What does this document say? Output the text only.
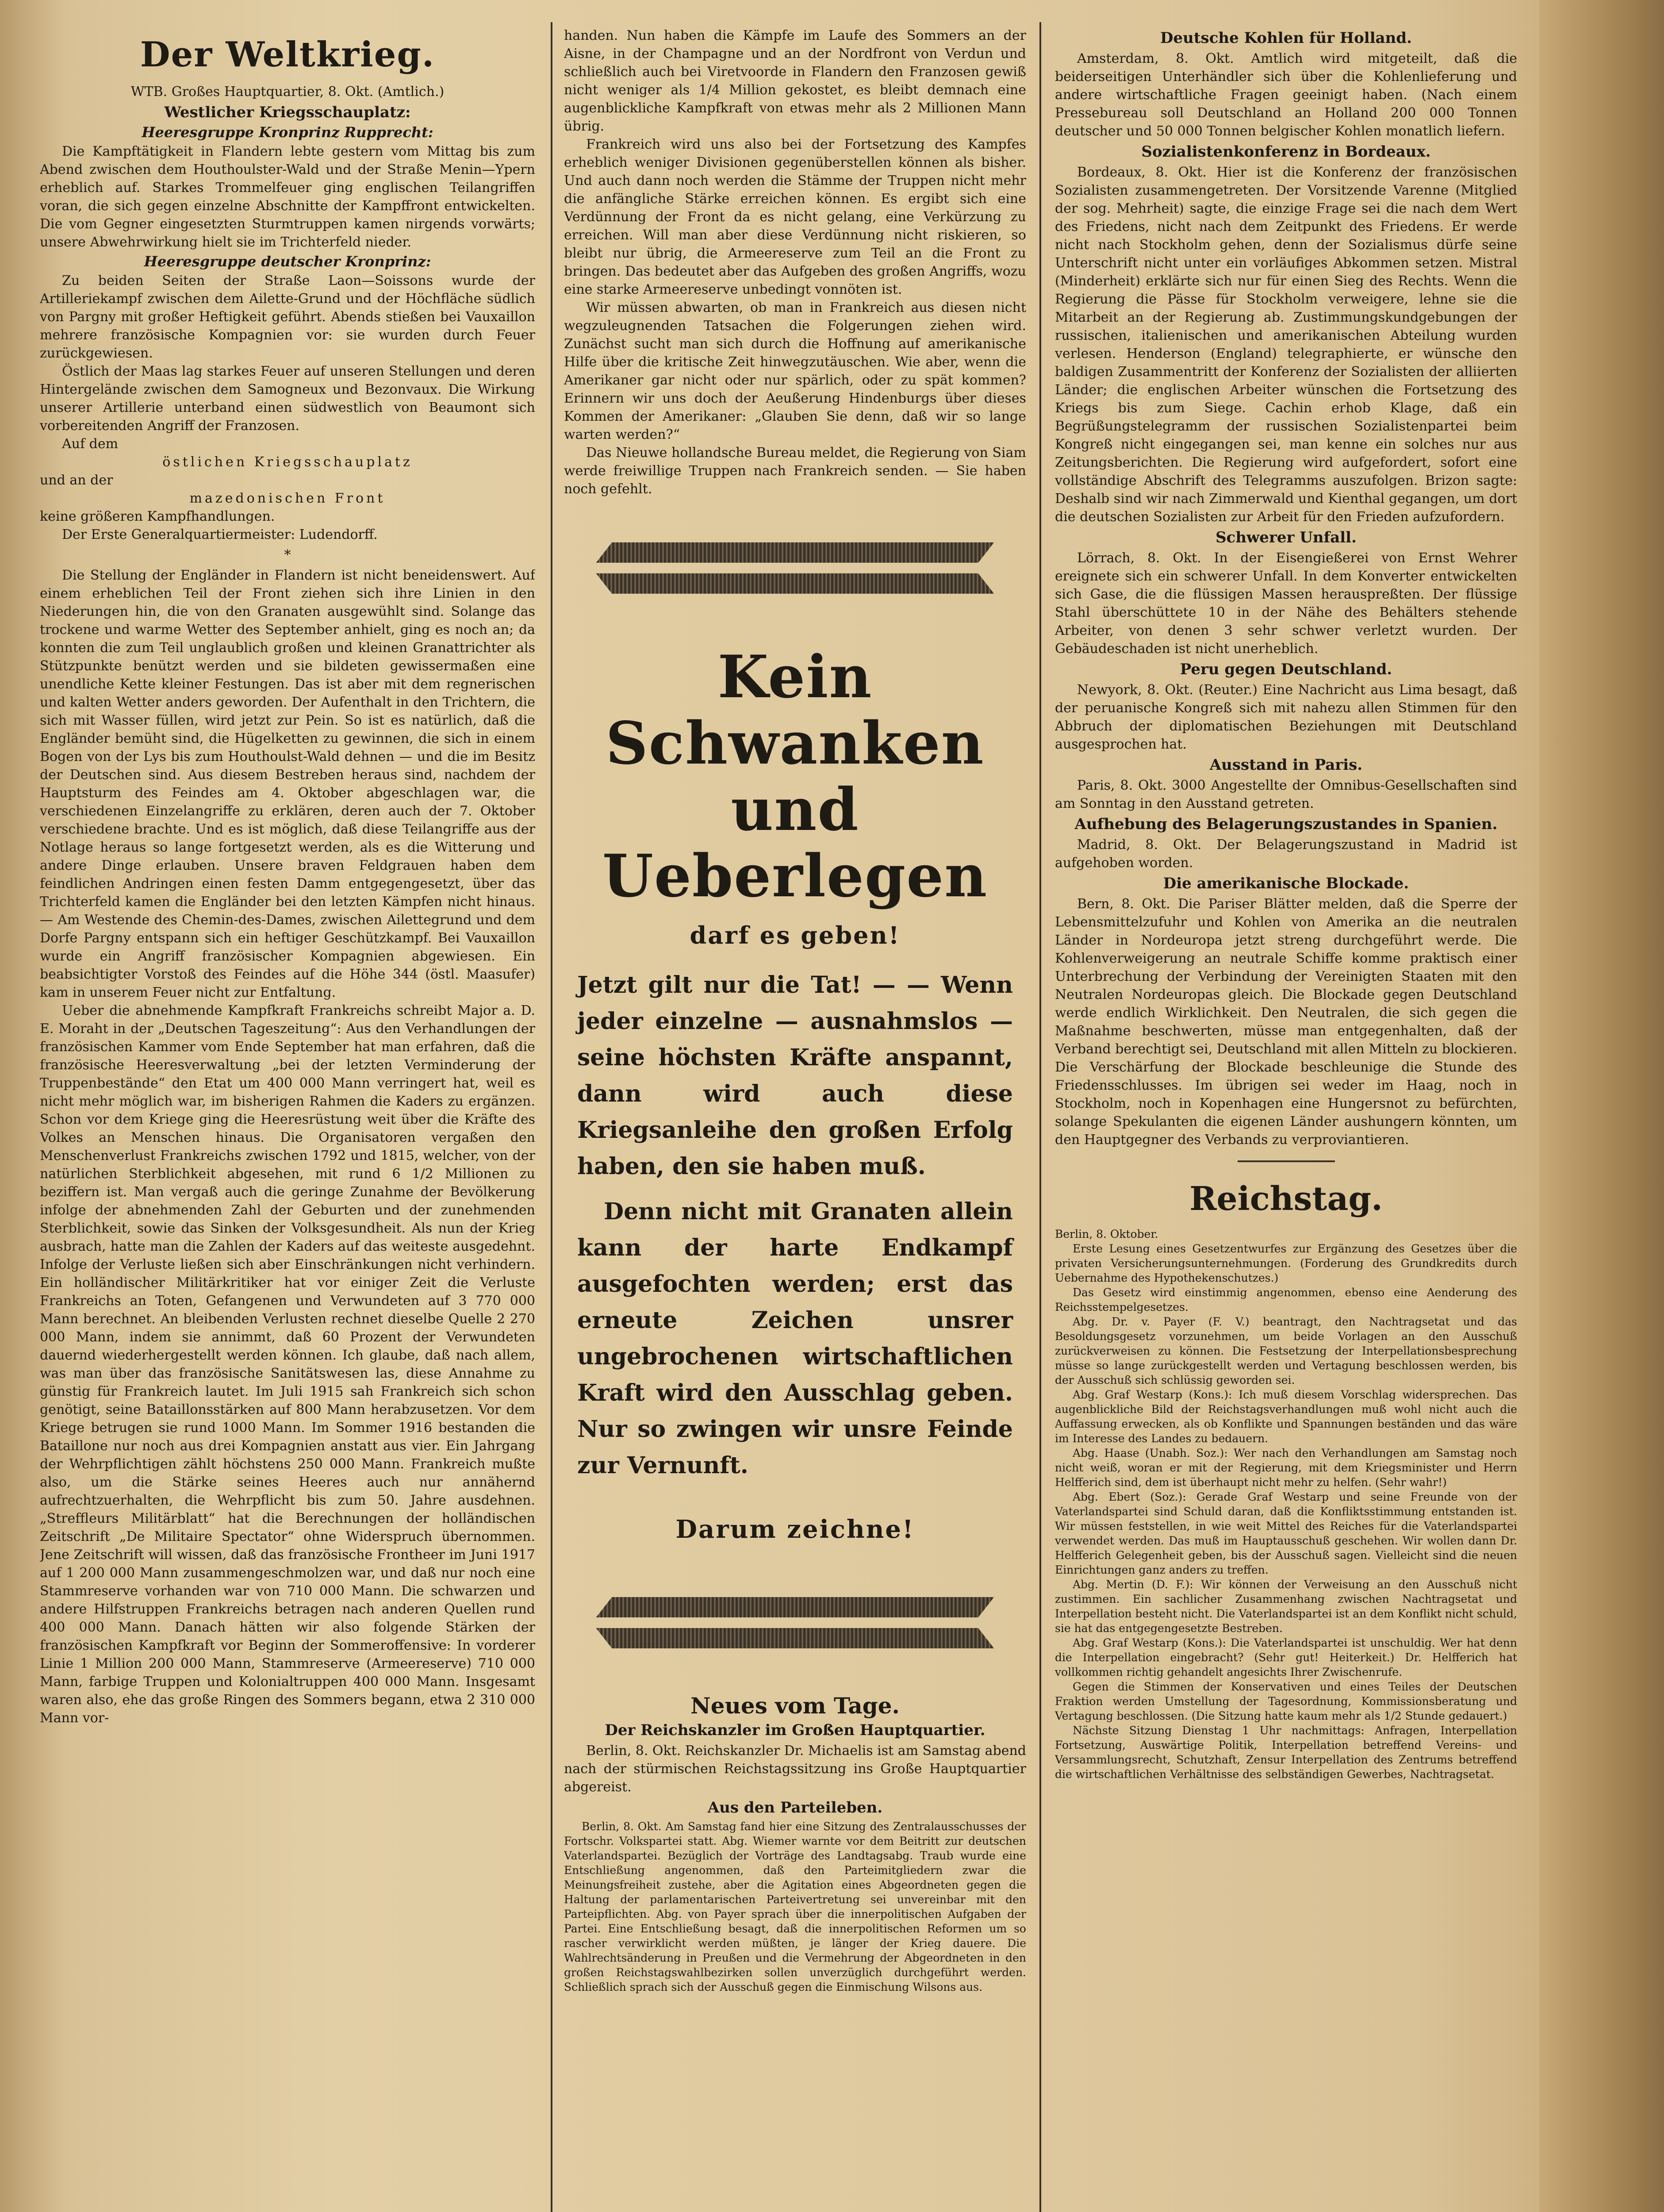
Der Weltkrieg.

WTB. Großes Hauptquartier, 8. Okt. (Amtlich.)

Westlicher Kriegsschauplatz:
Heeresgruppe Kronprinz Rupprecht:

Die Kampftätigkeit in Flandern lebte gestern vom Mittag bis zum Abend zwischen dem Houthoulster-Wald und der Straße Menin—Ypern erheblich auf. Starkes Trommelfeuer ging englischen Teilangriffen voran, die sich gegen einzelne Abschnitte der Kampffront entwickelten. Die vom Gegner eingesetzten Sturmtruppen kamen nirgends vorwärts; unsere Abwehrwirkung hielt sie im Trichterfeld nieder.

Heeresgruppe deutscher Kronprinz:

Zu beiden Seiten der Straße Laon—Soissons wurde der Artilleriekampf zwischen dem Ailette-Grund und der Höchfläche südlich von Pargny mit großer Heftigkeit geführt. Abends stießen bei Vauxaillon mehrere französische Kompagnien vor: sie wurden durch Feuer zurückgewiesen.

Östlich der Maas lag starkes Feuer auf unseren Stellungen und deren Hintergelände zwischen dem Samogneux und Bezonvaux. Die Wirkung unserer Artillerie unterband einen südwestlich von Beaumont sich vorbereitenden Angriff der Franzosen.

Auf dem

östlichen Kriegsschauplatz

und an der

mazedonischen Front

keine größeren Kampfhandlungen.

Der Erste Generalquartiermeister: Ludendorff.

*

Die Stellung der Engländer in Flandern ist nicht beneidenswert. Auf einem erheblichen Teil der Front ziehen sich ihre Linien in den Niederungen hin, die von den Granaten ausgewühlt sind. Solange das trockene und warme Wetter des September anhielt, ging es noch an; da konnten die zum Teil unglaublich großen und kleinen Granattrichter als Stützpunkte benützt werden und sie bildeten gewissermaßen eine unendliche Kette kleiner Festungen. Das ist aber mit dem regnerischen und kalten Wetter anders geworden. Der Aufenthalt in den Trichtern, die sich mit Wasser füllen, wird jetzt zur Pein. So ist es natürlich, daß die Engländer bemüht sind, die Hügelketten zu gewinnen, die sich in einem Bogen von der Lys bis zum Houthoulst-Wald dehnen — und die im Besitz der Deutschen sind. Aus diesem Bestreben heraus sind, nachdem der Hauptsturm des Feindes am 4. Oktober abgeschlagen war, die verschiedenen Einzelangriffe zu erklären, deren auch der 7. Oktober verschiedene brachte. Und es ist möglich, daß diese Teilangriffe aus der Notlage heraus so lange fortgesetzt werden, als es die Witterung und andere Dinge erlauben. Unsere braven Feldgrauen haben dem feindlichen Andringen einen festen Damm entgegengesetzt, über das Trichterfeld kamen die Engländer bei den letzten Kämpfen nicht hinaus. — Am Westende des Chemin-des-Dames, zwischen Ailettegrund und dem Dorfe Pargny entspann sich ein heftiger Geschützkampf. Bei Vauxaillon wurde ein Angriff französischer Kompagnien abgewiesen. Ein beabsichtigter Vorstoß des Feindes auf die Höhe 344 (östl. Maasufer) kam in unserem Feuer nicht zur Entfaltung.

Ueber die abnehmende Kampfkraft Frankreichs schreibt Major a. D. E. Moraht in der „Deutschen Tageszeitung“: Aus den Verhandlungen der französischen Kammer vom Ende September hat man erfahren, daß die französische Heeresverwaltung „bei der letzten Verminderung der Truppenbestände“ den Etat um 400 000 Mann verringert hat, weil es nicht mehr möglich war, im bisherigen Rahmen die Kaders zu ergänzen. Schon vor dem Kriege ging die Heeresrüstung weit über die Kräfte des Volkes an Menschen hinaus. Die Organisatoren vergaßen den Menschenverlust Frankreichs zwischen 1792 und 1815, welcher, von der natürlichen Sterblichkeit abgesehen, mit rund 6 1/2 Millionen zu beziffern ist. Man vergaß auch die geringe Zunahme der Bevölkerung infolge der abnehmenden Zahl der Geburten und der zunehmenden Sterblichkeit, sowie das Sinken der Volksgesundheit. Als nun der Krieg ausbrach, hatte man die Zahlen der Kaders auf das weiteste ausgedehnt. Infolge der Verluste ließen sich aber Einschränkungen nicht verhindern. Ein holländischer Militärkritiker hat vor einiger Zeit die Verluste Frankreichs an Toten, Gefangenen und Verwundeten auf 3 770 000 Mann berechnet. An bleibenden Verlusten rechnet dieselbe Quelle 2 270 000 Mann, indem sie annimmt, daß 60 Prozent der Verwundeten dauernd wiederhergestellt werden können. Ich glaube, daß nach allem, was man über das französische Sanitätswesen las, diese Annahme zu günstig für Frankreich lautet. Im Juli 1915 sah Frankreich sich schon genötigt, seine Bataillonsstärken auf 800 Mann herabzusetzen. Vor dem Kriege betrugen sie rund 1000 Mann. Im Sommer 1916 bestanden die Bataillone nur noch aus drei Kompagnien anstatt aus vier. Ein Jahrgang der Wehrpflichtigen zählt höchstens 250 000 Mann. Frankreich mußte also, um die Stärke seines Heeres auch nur annähernd aufrechtzuerhalten, die Wehrpflicht bis zum 50. Jahre ausdehnen. „Streffleurs Militärblatt“ hat die Berechnungen der holländischen Zeitschrift „De Militaire Spectator“ ohne Widerspruch übernommen. Jene Zeitschrift will wissen, daß das französische Frontheer im Juni 1917 auf 1 200 000 Mann zusammengeschmolzen war, und daß nur noch eine Stammreserve vorhanden war von 710 000 Mann. Die schwarzen und andere Hilfstruppen Frankreichs betragen nach anderen Quellen rund 400 000 Mann. Danach hätten wir also folgende Stärken der französischen Kampfkraft vor Beginn der Sommeroffensive: In vorderer Linie 1 Million 200 000 Mann, Stammreserve (Armeereserve) 710 000 Mann, farbige Truppen und Kolonialtruppen 400 000 Mann. Insgesamt waren also, ehe das große Ringen des Sommers begann, etwa 2 310 000 Mann vor-

handen. Nun haben die Kämpfe im Laufe des Sommers an der Aisne, in der Champagne und an der Nordfront von Verdun und schließlich auch bei Viretvoorde in Flandern den Franzosen gewiß nicht weniger als 1/4 Million gekostet, es bleibt demnach eine augenblickliche Kampfkraft von etwas mehr als 2 Millionen Mann übrig.

Frankreich wird uns also bei der Fortsetzung des Kampfes erheblich weniger Divisionen gegenüberstellen können als bisher. Und auch dann noch werden die Stämme der Truppen nicht mehr die anfängliche Stärke erreichen können. Es ergibt sich eine Verdünnung der Front da es nicht gelang, eine Verkürzung zu erreichen. Will man aber diese Verdünnung nicht riskieren, so bleibt nur übrig, die Armeereserve zum Teil an die Front zu bringen. Das bedeutet aber das Aufgeben des großen Angriffs, wozu eine starke Armeereserve unbedingt vonnöten ist.

Wir müssen abwarten, ob man in Frankreich aus diesen nicht wegzuleugnenden Tatsachen die Folgerungen ziehen wird. Zunächst sucht man sich durch die Hoffnung auf amerikanische Hilfe über die kritische Zeit hinwegzutäuschen. Wie aber, wenn die Amerikaner gar nicht oder nur spärlich, oder zu spät kommen? Erinnern wir uns doch der Aeußerung Hindenburgs über dieses Kommen der Amerikaner: „Glauben Sie denn, daß wir so lange warten werden?“

Das Nieuwe hollandsche Bureau meldet, die Regierung von Siam werde freiwillige Truppen nach Frankreich senden. — Sie haben noch gefehlt.

Kein
Schwanken
und Ueberlegen
darf es geben!

Jetzt gilt nur die Tat! — — Wenn jeder einzelne — ausnahmslos — seine höchsten Kräfte anspannt, dann wird auch diese Kriegsanleihe den großen Erfolg haben, den sie haben muß.

Denn nicht mit Granaten allein kann der harte Endkampf ausgefochten werden; erst das erneute Zeichen unsrer ungebrochenen wirtschaftlichen Kraft wird den Ausschlag geben. Nur so zwingen wir unsre Feinde zur Vernunft.

Darum zeichne!
Neues vom Tage.
Der Reichskanzler im Großen Hauptquartier.

Berlin, 8. Okt. Reichskanzler Dr. Michaelis ist am Samstag abend nach der stürmischen Reichstagssitzung ins Große Hauptquartier abgereist.

Aus den Parteileben.

Berlin, 8. Okt. Am Samstag fand hier eine Sitzung des Zentralausschusses der Fortschr. Volkspartei statt. Abg. Wiemer warnte vor dem Beitritt zur deutschen Vaterlandspartei. Bezüglich der Vorträge des Landtagsabg. Traub wurde eine Entschließung angenommen, daß den Parteimitgliedern zwar die Meinungsfreiheit zustehe, aber die Agitation eines Abgeordneten gegen die Haltung der parlamentarischen Parteivertretung sei unvereinbar mit den Parteipflichten. Abg. von Payer sprach über die innerpolitischen Aufgaben der Partei. Eine Entschließung besagt, daß die innerpolitischen Reformen um so rascher verwirklicht werden müßten, je länger der Krieg dauere. Die Wahlrechtsänderung in Preußen und die Vermehrung der Abgeordneten in den großen Reichstagswahlbezirken sollen unverzüglich durchgeführt werden. Schließlich sprach sich der Ausschuß gegen die Einmischung Wilsons aus.

Deutsche Kohlen für Holland.

Amsterdam, 8. Okt. Amtlich wird mitgeteilt, daß die beiderseitigen Unterhändler sich über die Kohlenlieferung und andere wirtschaftliche Fragen geeinigt haben. (Nach einem Pressebureau soll Deutschland an Holland 200 000 Tonnen deutscher und 50 000 Tonnen belgischer Kohlen monatlich liefern.

Sozialistenkonferenz in Bordeaux.

Bordeaux, 8. Okt. Hier ist die Konferenz der französischen Sozialisten zusammengetreten. Der Vorsitzende Varenne (Mitglied der sog. Mehrheit) sagte, die einzige Frage sei die nach dem Wert des Friedens, nicht nach dem Zeitpunkt des Friedens. Er werde nicht nach Stockholm gehen, denn der Sozialismus dürfe seine Unterschrift nicht unter ein vorläufiges Abkommen setzen. Mistral (Minderheit) erklärte sich nur für einen Sieg des Rechts. Wenn die Regierung die Pässe für Stockholm verweigere, lehne sie die Mitarbeit an der Regierung ab. Zustimmungskundgebungen der russischen, italienischen und amerikanischen Abteilung wurden verlesen. Henderson (England) telegraphierte, er wünsche den baldigen Zusammentritt der Konferenz der Sozialisten der alliierten Länder; die englischen Arbeiter wünschen die Fortsetzung des Kriegs bis zum Siege. Cachin erhob Klage, daß ein Begrüßungstelegramm der russischen Sozialistenpartei beim Kongreß nicht eingegangen sei, man kenne ein solches nur aus Zeitungsberichten. Die Regierung wird aufgefordert, sofort eine vollständige Abschrift des Telegramms auszufolgen. Brizon sagte: Deshalb sind wir nach Zimmerwald und Kienthal gegangen, um dort die deutschen Sozialisten zur Arbeit für den Frieden aufzufordern.

Schwerer Unfall.

Lörrach, 8. Okt. In der Eisengießerei von Ernst Wehrer ereignete sich ein schwerer Unfall. In dem Konverter entwickelten sich Gase, die die flüssigen Massen herauspreßten. Der flüssige Stahl überschüttete 10 in der Nähe des Behälters stehende Arbeiter, von denen 3 sehr schwer verletzt wurden. Der Gebäudeschaden ist nicht unerheblich.

Peru gegen Deutschland.

Newyork, 8. Okt. (Reuter.) Eine Nachricht aus Lima besagt, daß der peruanische Kongreß sich mit nahezu allen Stimmen für den Abbruch der diplomatischen Beziehungen mit Deutschland ausgesprochen hat.

Ausstand in Paris.

Paris, 8. Okt. 3000 Angestellte der Omnibus-Gesellschaften sind am Sonntag in den Ausstand getreten.

Aufhebung des Belagerungszustandes in Spanien.

Madrid, 8. Okt. Der Belagerungszustand in Madrid ist aufgehoben worden.

Die amerikanische Blockade.

Bern, 8. Okt. Die Pariser Blätter melden, daß die Sperre der Lebensmittelzufuhr und Kohlen von Amerika an die neutralen Länder in Nordeuropa jetzt streng durchgeführt werde. Die Kohlenverweigerung an neutrale Schiffe komme praktisch einer Unterbrechung der Verbindung der Vereinigten Staaten mit den Neutralen Nordeuropas gleich. Die Blockade gegen Deutschland werde endlich Wirklichkeit. Den Neutralen, die sich gegen die Maßnahme beschwerten, müsse man entgegenhalten, daß der Verband berechtigt sei, Deutschland mit allen Mitteln zu blockieren. Die Verschärfung der Blockade beschleunige die Stunde des Friedensschlusses. Im übrigen sei weder im Haag, noch in Stockholm, noch in Kopenhagen eine Hungersnot zu befürchten, solange Spekulanten die eigenen Länder aushungern könnten, um den Hauptgegner des Verbands zu verproviantieren.

Reichstag.

Berlin, 8. Oktober.

Erste Lesung eines Gesetzentwurfes zur Ergänzung des Gesetzes über die privaten Versicherungsunternehmungen. (Forderung des Grundkredits durch Uebernahme des Hypothekenschutzes.)

Das Gesetz wird einstimmig angenommen, ebenso eine Aenderung des Reichsstempelgesetzes.

Abg. Dr. v. Payer (F. V.) beantragt, den Nachtragsetat und das Besoldungsgesetz vorzunehmen, um beide Vorlagen an den Ausschuß zurückverweisen zu können. Die Festsetzung der Interpellationsbesprechung müsse so lange zurückgestellt werden und Vertagung beschlossen werden, bis der Ausschuß sich schlüssig geworden sei.

Abg. Graf Westarp (Kons.): Ich muß diesem Vorschlag widersprechen. Das augenblickliche Bild der Reichstagsverhandlungen muß wohl nicht auch die Auffassung erwecken, als ob Konflikte und Spannungen beständen und das wäre im Interesse des Landes zu bedauern.

Abg. Haase (Unabh. Soz.): Wer nach den Verhandlungen am Samstag noch nicht weiß, woran er mit der Regierung, mit dem Kriegsminister und Herrn Helfferich sind, dem ist überhaupt nicht mehr zu helfen. (Sehr wahr!)

Abg. Ebert (Soz.): Gerade Graf Westarp und seine Freunde von der Vaterlandspartei sind Schuld daran, daß die Konfliktsstimmung entstanden ist. Wir müssen feststellen, in wie weit Mittel des Reiches für die Vaterlandspartei verwendet werden. Das muß im Hauptausschuß geschehen. Wir wollen dann Dr. Helfferich Gelegenheit geben, bis der Ausschuß sagen. Vielleicht sind die neuen Einrichtungen ganz anders zu treffen.

Abg. Mertin (D. F.): Wir können der Verweisung an den Ausschuß nicht zustimmen. Ein sachlicher Zusammenhang zwischen Nachtragsetat und Interpellation besteht nicht. Die Vaterlandspartei ist an dem Konflikt nicht schuld, sie hat das entgegengesetzte Bestreben.

Abg. Graf Westarp (Kons.): Die Vaterlandspartei ist unschuldig. Wer hat denn die Interpellation eingebracht? (Sehr gut! Heiterkeit.) Dr. Helfferich hat vollkommen richtig gehandelt angesichts Ihrer Zwischenrufe.

Gegen die Stimmen der Konservativen und eines Teiles der Deutschen Fraktion werden Umstellung der Tagesordnung, Kommissionsberatung und Vertagung beschlossen. (Die Sitzung hatte kaum mehr als 1/2 Stunde gedauert.)

Nächste Sitzung Dienstag 1 Uhr nachmittags: Anfragen, Interpellation Fortsetzung, Auswärtige Politik, Interpellation betreffend Vereins- und Versammlungsrecht, Schutzhaft, Zensur Interpellation des Zentrums betreffend die wirtschaftlichen Verhältnisse des selbständigen Gewerbes, Nachtragsetat.
